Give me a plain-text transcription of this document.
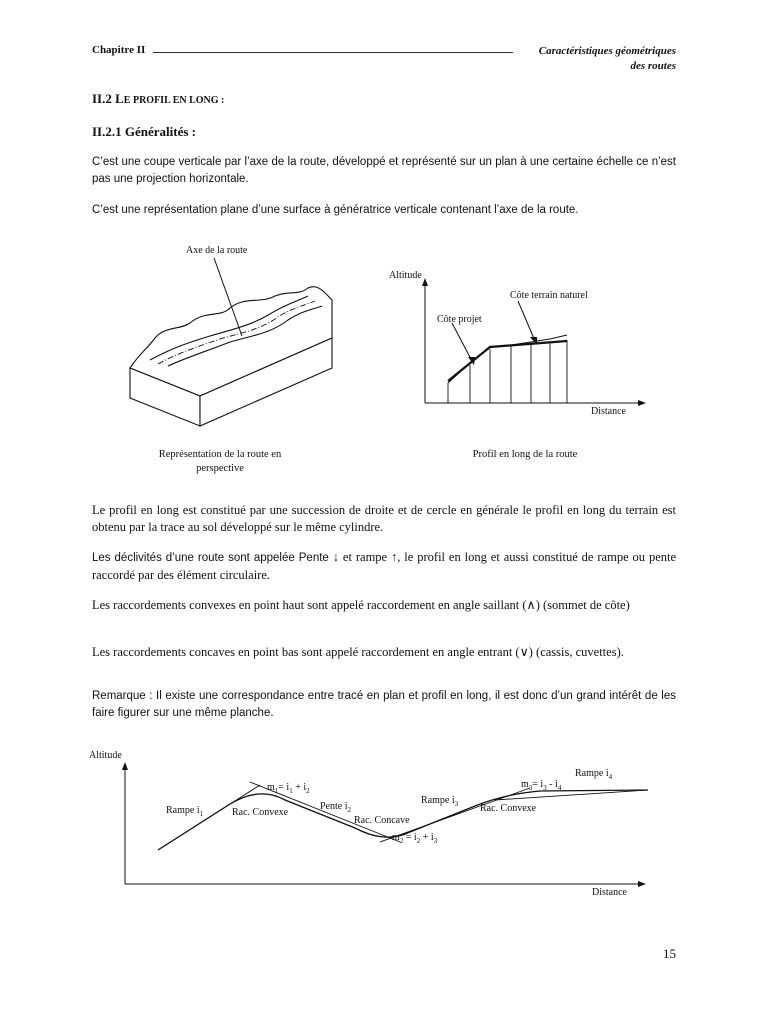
Chapitre II	Caractéristiques géométriques
des routes
II.2 LE PROFIL EN LONG :
II.2.1 Généralités :
C’est une coupe verticale par l’axe de la route, développé et représenté sur un plan à une certaine échelle ce n’est pas une projection horizontale.
C’est une représentation plane d’une surface à génératrice verticale contenant l’axe de la route.
Axe de la route
Représentation de la route en perspective
Altitude
Distance
Côte terrain naturel
Côte projet
Profil en long de la route
Le profil en long est constitué par une succession de droite et de cercle en générale le profil en long du terrain est obtenu par la trace au sol développé sur le même cylindre.
Les déclivités d’une route sont appelée Pente ↓ et rampe ↑, le profil en long et aussi constitué de rampe ou pente raccordé par des élément circulaire.
Les raccordements convexes en point haut sont appelé raccordement en angle saillant (∧) (sommet de côte)
Les raccordements concaves en point bas sont appelé raccordement en angle entrant (∨) (cassis, cuvettes).
Remarque : Il existe une correspondance entre tracé en plan et profil en long, il est donc d’un grand intérêt de les faire figurer sur une même planche.
Altitude
Distance
Rampe $i_1$	Rac. Convexe
$m_1= i_1 + i_2$
Pente $i_2$
Rac. Concave
$m_2 = i_2 + i_3$
Rampe $i_3$
$m_3= i_3 - i_4$
Rac. Convexe
Rampe $i_4$
15
